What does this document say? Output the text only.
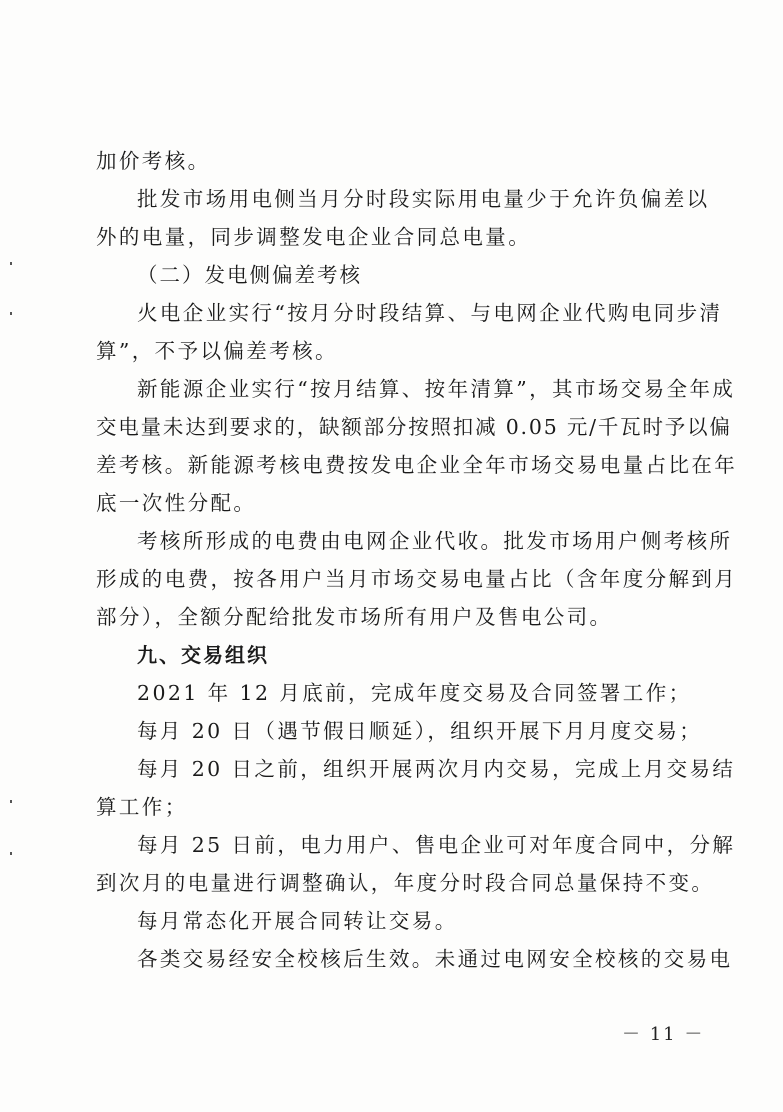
加价考核。
批发市场用电侧当月分时段实际用电量少于允许负偏差以
外的电量，同步调整发电企业合同总电量。
（二）发电侧偏差考核
火电企业实行“按月分时段结算、与电网企业代购电同步清
算”，不予以偏差考核。
新能源企业实行“按月结算、按年清算”，其市场交易全年成
交电量未达到要求的，缺额部分按照扣减 0.05 元/千瓦时予以偏
差考核。新能源考核电费按发电企业全年市场交易电量占比在年
底一次性分配。
考核所形成的电费由电网企业代收。批发市场用户侧考核所
形成的电费，按各用户当月市场交易电量占比（含年度分解到月
部分），全额分配给批发市场所有用户及售电公司。
九、交易组织
2021 年 12 月底前，完成年度交易及合同签署工作；
每月 20 日（遇节假日顺延），组织开展下月月度交易；
每月 20 日之前，组织开展两次月内交易，完成上月交易结
算工作；
每月 25 日前，电力用户、售电企业可对年度合同中，分解
到次月的电量进行调整确认，年度分时段合同总量保持不变。
每月常态化开展合同转让交易。
各类交易经安全校核后生效。未通过电网安全校核的交易电
－ 11 －
